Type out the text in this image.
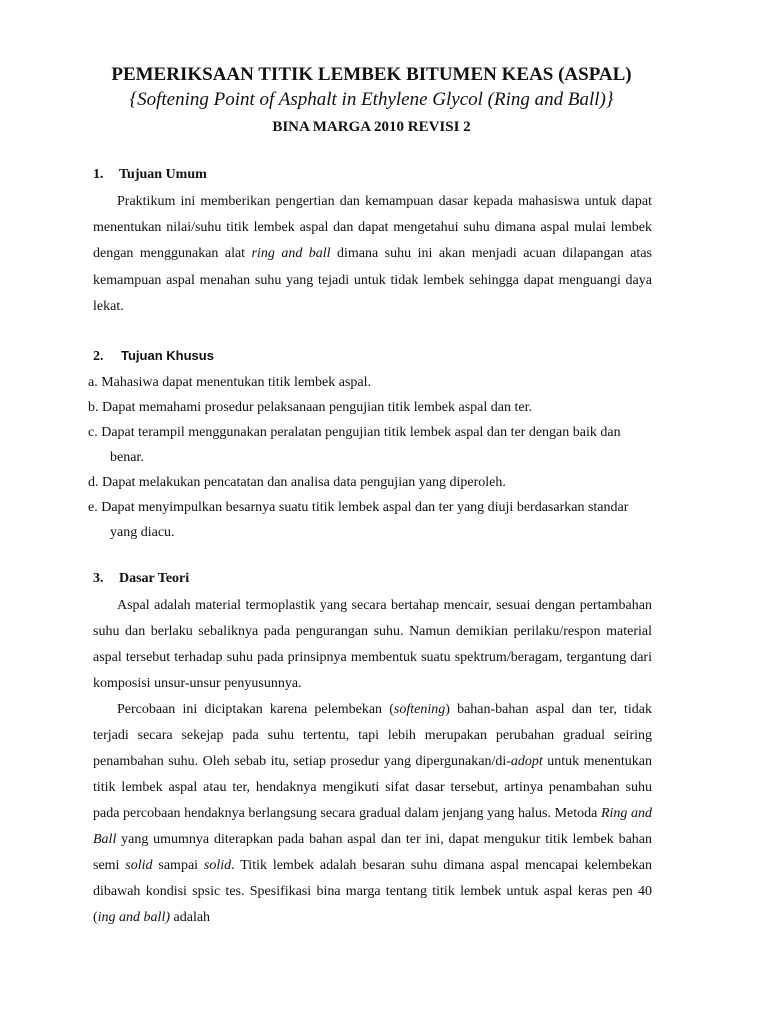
PEMERIKSAAN TITIK LEMBEK BITUMEN KEAS (ASPAL)
{Softening Point of Asphalt in Ethylene Glycol (Ring and Ball)}
BINA MARGA 2010 REVISI 2
1. Tujuan Umum

Praktikum ini memberikan pengertian dan kemampuan dasar kepada mahasiswa untuk dapat menentukan nilai/suhu titik lembek aspal dan dapat mengetahui suhu dimana aspal mulai lembek dengan menggunakan alat ring and ball dimana suhu ini akan menjadi acuan dilapangan atas kemampuan aspal menahan suhu yang tejadi untuk tidak lembek sehingga dapat menguangi daya lekat.

2. Tujuan Khusus

a. Mahasiwa dapat menentukan titik lembek aspal.

b. Dapat memahami prosedur pelaksanaan pengujian titik lembek aspal dan ter.

c. Dapat terampil menggunakan peralatan pengujian titik lembek aspal dan ter dengan baik dan benar.

d. Dapat melakukan pencatatan dan analisa data pengujian yang diperoleh.

e. Dapat menyimpulkan besarnya suatu titik lembek aspal dan ter yang diuji berdasarkan standar yang diacu.

3. Dasar Teori

Aspal adalah material termoplastik yang secara bertahap mencair, sesuai dengan pertambahan suhu dan berlaku sebaliknya pada pengurangan suhu. Namun demikian perilaku/respon material aspal tersebut terhadap suhu pada prinsipnya membentuk suatu spektrum/beragam, tergantung dari komposisi unsur-unsur penyusunnya.

Percobaan ini diciptakan karena pelembekan (softening) bahan-bahan aspal dan ter, tidak terjadi secara sekejap pada suhu tertentu, tapi lebih merupakan perubahan gradual seiring penambahan suhu. Oleh sebab itu, setiap prosedur yang dipergunakan/di-adopt untuk menentukan titik lembek aspal atau ter, hendaknya mengikuti sifat dasar tersebut, artinya penambahan suhu pada percobaan hendaknya berlangsung secara gradual dalam jenjang yang halus. Metoda Ring and Ball yang umumnya diterapkan pada bahan aspal dan ter ini, dapat mengukur titik lembek bahan semi solid sampai solid. Titik lembek adalah besaran suhu dimana aspal mencapai kelembekan dibawah kondisi spsic tes. Spesifikasi bina marga tentang titik lembek untuk aspal keras pen 40 (ing and ball) adalah
